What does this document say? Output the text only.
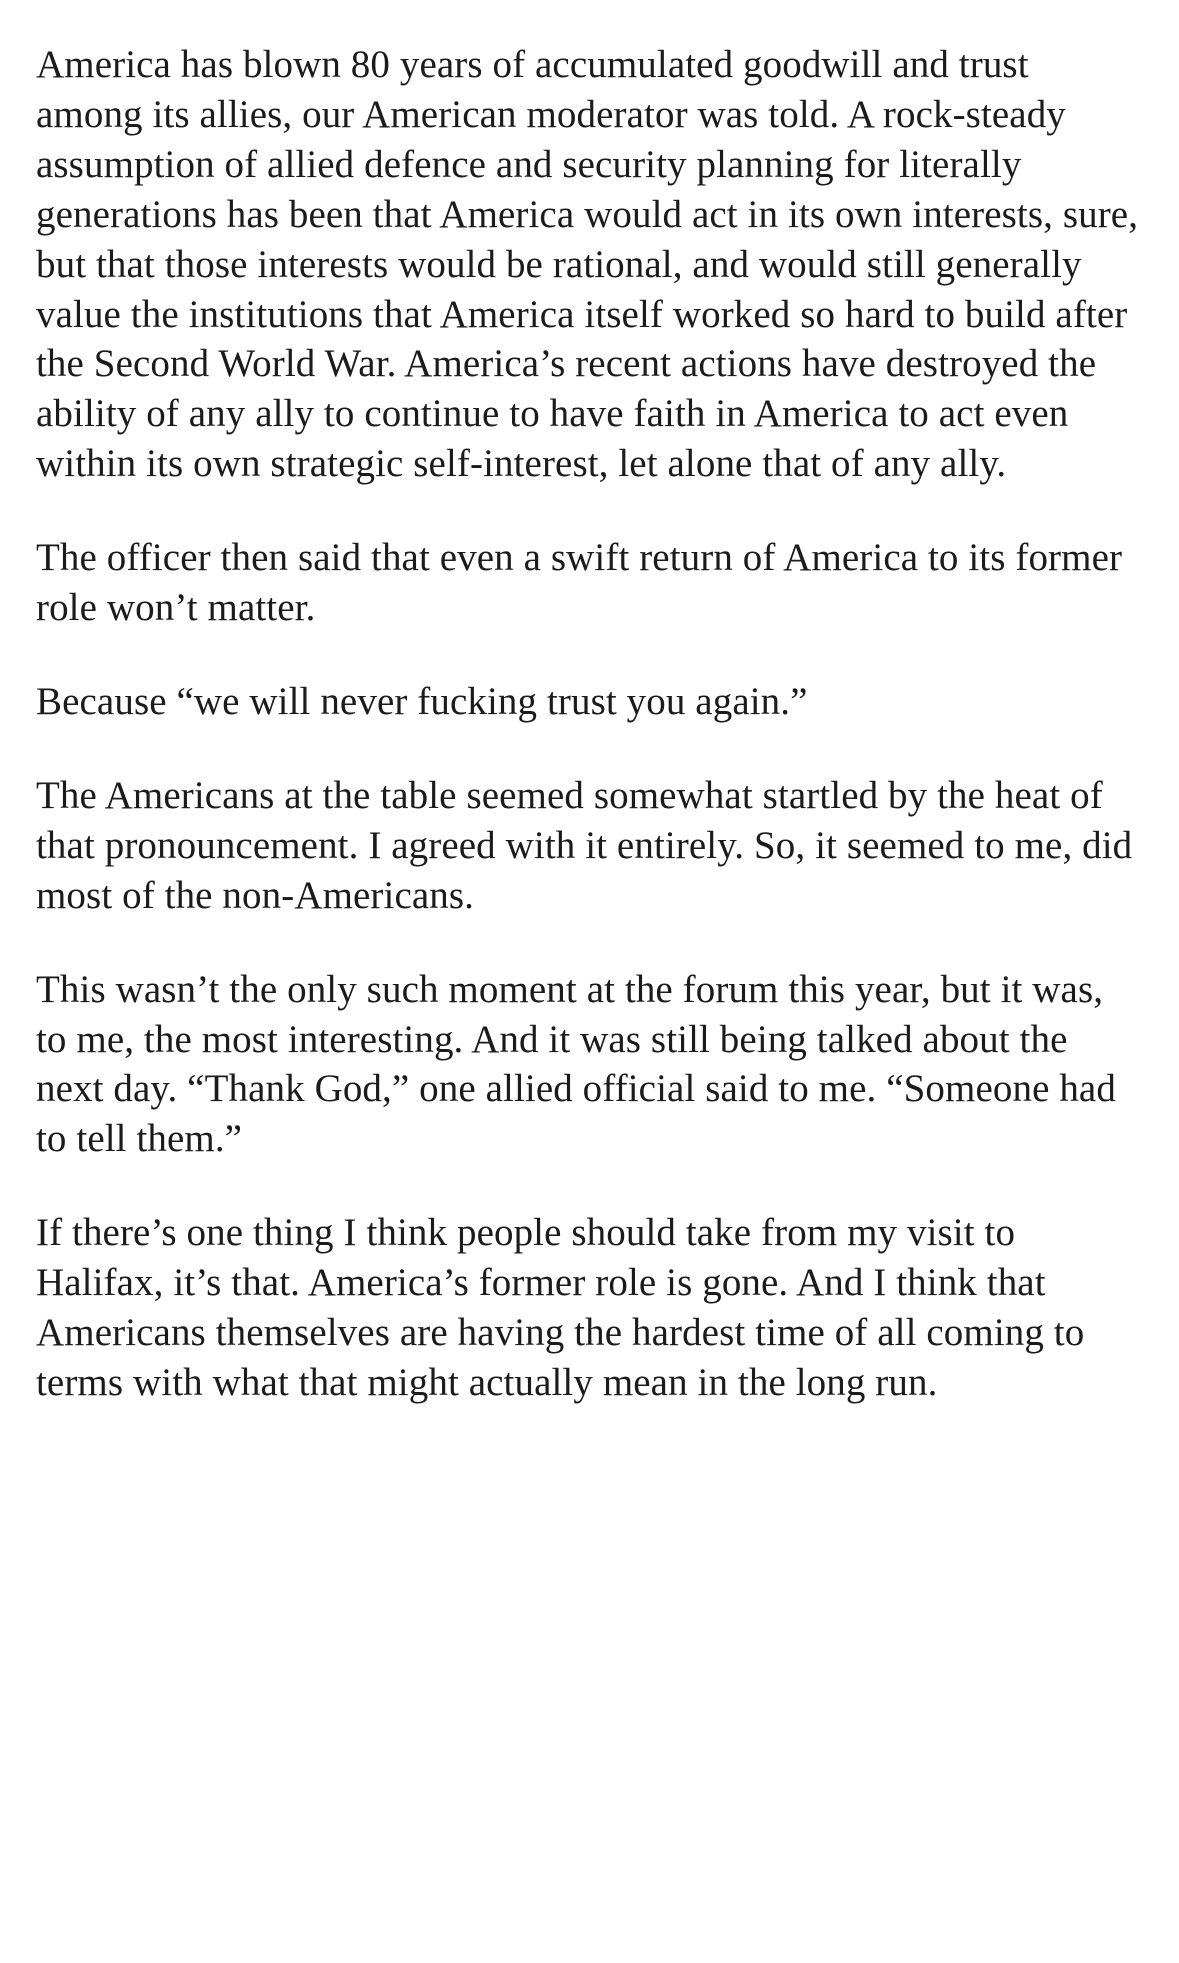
America has blown 80 years of accumulated goodwill and trust among its allies, our American moderator was told. A rock-steady assumption of allied defence and security planning for literally generations has been that America would act in its own interests, sure, but that those interests would be rational, and would still generally value the institutions that America itself worked so hard to build after the Second World War. America’s recent actions have destroyed the ability of any ally to continue to have faith in America to act even within its own strategic self-interest, let alone that of any ally.

The officer then said that even a swift return of America to its former role won’t matter.

Because “we will never fucking trust you again.”

The Americans at the table seemed somewhat startled by the heat of that pronouncement. I agreed with it entirely. So, it seemed to me, did most of the non-Americans.

This wasn’t the only such moment at the forum this year, but it was, to me, the most interesting. And it was still being talked about the next day. “Thank God,” one allied official said to me. “Someone had to tell them.”

If there’s one thing I think people should take from my visit to Halifax, it’s that. America’s former role is gone. And I think that Americans themselves are having the hardest time of all coming to terms with what that might actually mean in the long run.
